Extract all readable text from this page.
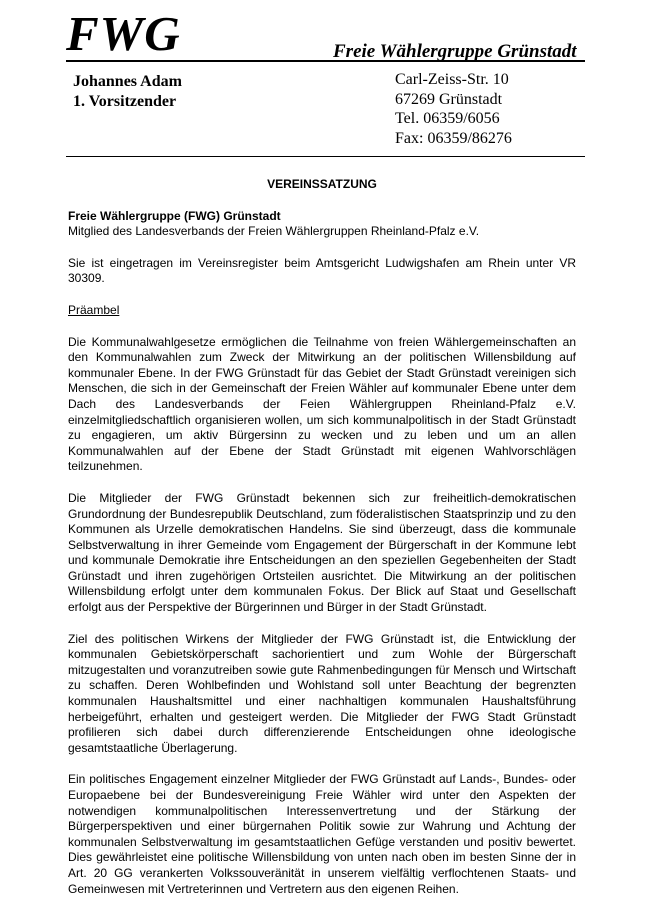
FWG	Freie Wählergruppe Grünstadt
Johannes Adam
1. Vorsitzender
Carl-Zeiss-Str. 10
67269 Grünstadt
Tel. 06359/6056
Fax: 06359/86276
VEREINSSATZUNG
Freie Wählergruppe (FWG) Grünstadt
Mitglied des Landesverbands der Freien Wählergruppen Rheinland-Pfalz e.V.

Sie ist eingetragen im Vereinsregister beim Amtsgericht Ludwigshafen am Rhein unter VR 30309.

Präambel

Die Kommunalwahlgesetze ermöglichen die Teilnahme von freien Wählergemeinschaften an den Kommunalwahlen zum Zweck der Mitwirkung an der politischen Willensbildung auf kommunaler Ebene. In der FWG Grünstadt für das Gebiet der Stadt Grünstadt vereinigen sich Menschen, die sich in der Gemeinschaft der Freien Wähler auf kommunaler Ebene unter dem Dach des Landesverbands der Feien Wählergruppen Rheinland-Pfalz e.V. einzelmitgliedschaftlich organisieren wollen, um sich kommunalpolitisch in der Stadt Grünstadt zu engagieren, um aktiv Bürgersinn zu wecken und zu leben und um an allen Kommunalwahlen auf der Ebene der Stadt Grünstadt mit eigenen Wahlvorschlägen teilzunehmen.

Die Mitglieder der FWG Grünstadt bekennen sich zur freiheitlich-demokratischen Grundordnung der Bundesrepublik Deutschland, zum föderalistischen Staatsprinzip und zu den Kommunen als Urzelle demokratischen Handelns. Sie sind überzeugt, dass die kommunale Selbstverwaltung in ihrer Gemeinde vom Engagement der Bürgerschaft in der Kommune lebt und kommunale Demokratie ihre Entscheidungen an den speziellen Gegebenheiten der Stadt Grünstadt und ihren zugehörigen Ortsteilen ausrichtet. Die Mitwirkung an der politischen Willensbildung erfolgt unter dem kommunalen Fokus. Der Blick auf Staat und Gesellschaft erfolgt aus der Perspektive der Bürgerinnen und Bürger in der Stadt Grünstadt.

Ziel des politischen Wirkens der Mitglieder der FWG Grünstadt ist, die Entwicklung der kommunalen Gebietskörperschaft sachorientiert und zum Wohle der Bürgerschaft mitzugestalten und voranzutreiben sowie gute Rahmenbedingungen für Mensch und Wirtschaft zu schaffen. Deren Wohlbefinden und Wohlstand soll unter Beachtung der begrenzten kommunalen Haushaltsmittel und einer nachhaltigen kommunalen Haushaltsführung herbeigeführt, erhalten und gesteigert werden. Die Mitglieder der FWG Stadt Grünstadt profilieren sich dabei durch differenzierende Entscheidungen ohne ideologische gesamtstaatliche Überlagerung.

Ein politisches Engagement einzelner Mitglieder der FWG Grünstadt auf Lands-, Bundes- oder Europaebene bei der Bundesvereinigung Freie Wähler wird unter den Aspekten der notwendigen kommunalpolitischen Interessenvertretung und der Stärkung der Bürgerperspektiven und einer bürgernahen Politik sowie zur Wahrung und Achtung der kommunalen Selbstverwaltung im gesamtstaatlichen Gefüge verstanden und positiv bewertet. Dies gewährleistet eine politische Willensbildung von unten nach oben im besten Sinne der in Art. 20 GG verankerten Volkssouveränität in unserem vielfältig verflochtenen Staats- und Gemeinwesen mit Vertreterinnen und Vertretern aus den eigenen Reihen.
